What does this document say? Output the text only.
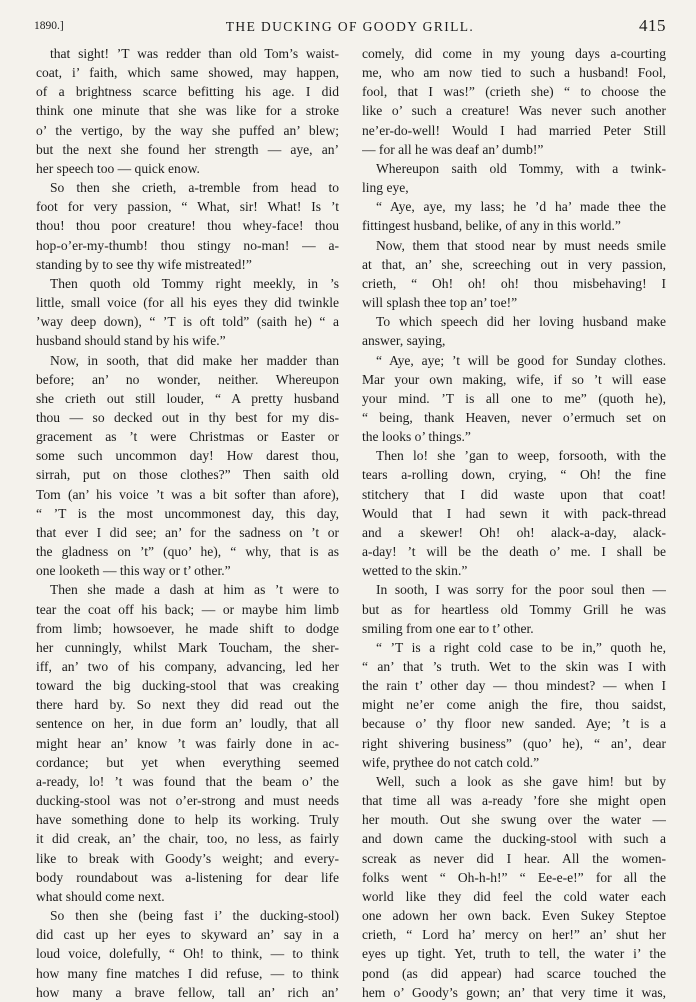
1890.]	THE DUCKING OF GOODY GRILL.	415
that sight! ’T was redder than old Tom’s waist-
coat, i’ faith, which same showed, may happen,
of a brightness scarce befitting his age. I did
think one minute that she was like for a stroke
o’ the vertigo, by the way she puffed an’ blew;
but the next she found her strength — aye, an’
her speech too — quick enow.
So then she crieth, a-tremble from head to
foot for very passion, “ What, sir! What! Is ’t
thou! thou poor creature! thou whey-face! thou
hop-o’er-my-thumb! thou stingy no-man! — a-
standing by to see thy wife mistreated!”
Then quoth old Tommy right meekly, in ’s
little, small voice (for all his eyes they did twinkle
’way deep down), “ ’T is oft told” (saith he) “ a
husband should stand by his wife.”
Now, in sooth, that did make her madder than
before; an’ no wonder, neither. Whereupon
she crieth out still louder, “ A pretty husband
thou — so decked out in thy best for my dis-
gracement as ’t were Christmas or Easter or
some such uncommon day! How darest thou,
sirrah, put on those clothes?” Then saith old
Tom (an’ his voice ’t was a bit softer than afore),
“ ’T is the most uncommonest day, this day,
that ever I did see; an’ for the sadness on ’t or
the gladness on ’t” (quo’ he), “ why, that is as
one looketh — this way or t’ other.”
Then she made a dash at him as ’t were to
tear the coat off his back; — or maybe him limb
from limb; howsoever, he made shift to dodge
her cunningly, whilst Mark Toucham, the sher-
iff, an’ two of his company, advancing, led her
toward the big ducking-stool that was creaking
there hard by. So next they did read out the
sentence on her, in due form an’ loudly, that all
might hear an’ know ’t was fairly done in ac-
cordance; but yet when everything seemed
a-ready, lo! ’t was found that the beam o’ the
ducking-stool was not o’er-strong and must needs
have something done to help its working. Truly
it did creak, an’ the chair, too, no less, as fairly
like to break with Goody’s weight; and every-
body roundabout was a-listening for dear life
what should come next.
So then she (being fast i’ the ducking-stool)
did cast up her eyes to skyward an’ say in a
loud voice, dolefully, “ Oh! to think, — to think
how many fine matches I did refuse, — to think
how many a brave fellow, tall an’ rich an’
comely, did come in my young days a-courting
me, who am now tied to such a husband! Fool,
fool, that I was!” (crieth she) “ to choose the
like o’ such a creature! Was never such another
ne’er-do-well! Would I had married Peter Still
— for all he was deaf an’ dumb!”
Whereupon saith old Tommy, with a twink-
ling eye,
“ Aye, aye, my lass; he ’d ha’ made thee the
fittingest husband, belike, of any in this world.”
Now, them that stood near by must needs smile
at that, an’ she, screeching out in very passion,
crieth, “ Oh! oh! oh! thou misbehaving! I
will splash thee top an’ toe!”
To which speech did her loving husband make
answer, saying,
“ Aye, aye; ’t will be good for Sunday clothes.
Mar your own making, wife, if so ’t will ease
your mind. ’T is all one to me” (quoth he),
“ being, thank Heaven, never o’ermuch set on
the looks o’ things.”
Then lo! she ’gan to weep, forsooth, with the
tears a-rolling down, crying, “ Oh! the fine
stitchery that I did waste upon that coat!
Would that I had sewn it with pack-thread
and a skewer! Oh! oh! alack-a-day, alack-
a-day! ’t will be the death o’ me. I shall be
wetted to the skin.”
In sooth, I was sorry for the poor soul then —
but as for heartless old Tommy Grill he was
smiling from one ear to t’ other.
“ ’T is a right cold case to be in,” quoth he,
“ an’ that ’s truth. Wet to the skin was I with
the rain t’ other day — thou mindest? — when I
might ne’er come anigh the fire, thou saidst,
because o’ thy floor new sanded. Aye; ’t is a
right shivering business” (quo’ he), “ an’, dear
wife, prythee do not catch cold.”
Well, such a look as she gave him! but by
that time all was a-ready ’fore she might open
her mouth. Out she swung over the water —
and down came the ducking-stool with such a
screak as never did I hear. All the women-
folks went “ Oh-h-h!” “ Ee-e-e!” for all the
world like they did feel the cold water each
one adown her own back. Even Sukey Steptoe
crieth, “ Lord ha’ mercy on her!” an’ shut her
eyes up tight. Yet, truth to tell, the water i’ the
pond (as did appear) had scarce touched the
hem o’ Goody’s gown; an’ that very time it was,
